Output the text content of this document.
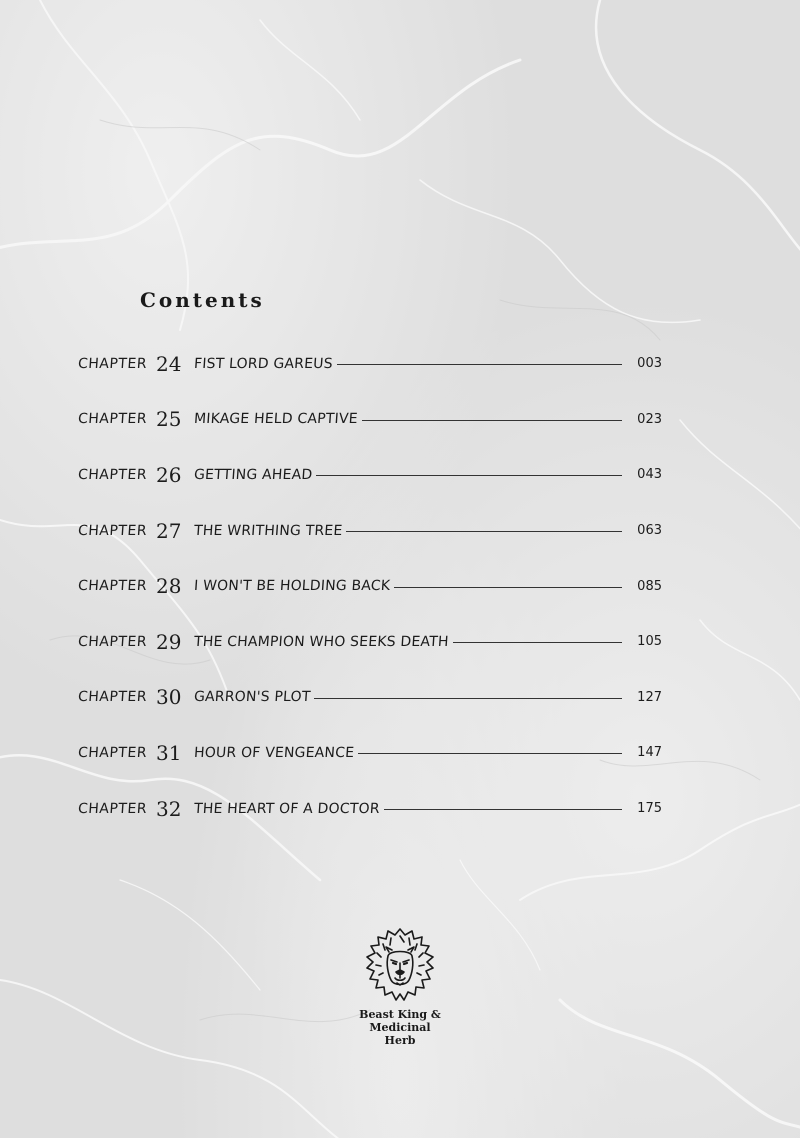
Contents
CHAPTER 24 FIST LORD GAREUS	003
CHAPTER 25 MIKAGE HELD CAPTIVE	023
CHAPTER 26 GETTING AHEAD	043
CHAPTER 27 THE WRITHING TREE	063
CHAPTER 28 I WON'T BE HOLDING BACK	085
CHAPTER 29 THE CHAMPION WHO SEEKS DEATH	105
CHAPTER 30 GARRON'S PLOT	127
CHAPTER 31 HOUR OF VENGEANCE	147
CHAPTER 32 THE HEART OF A DOCTOR	175
Beast King &
Medicinal
Herb
